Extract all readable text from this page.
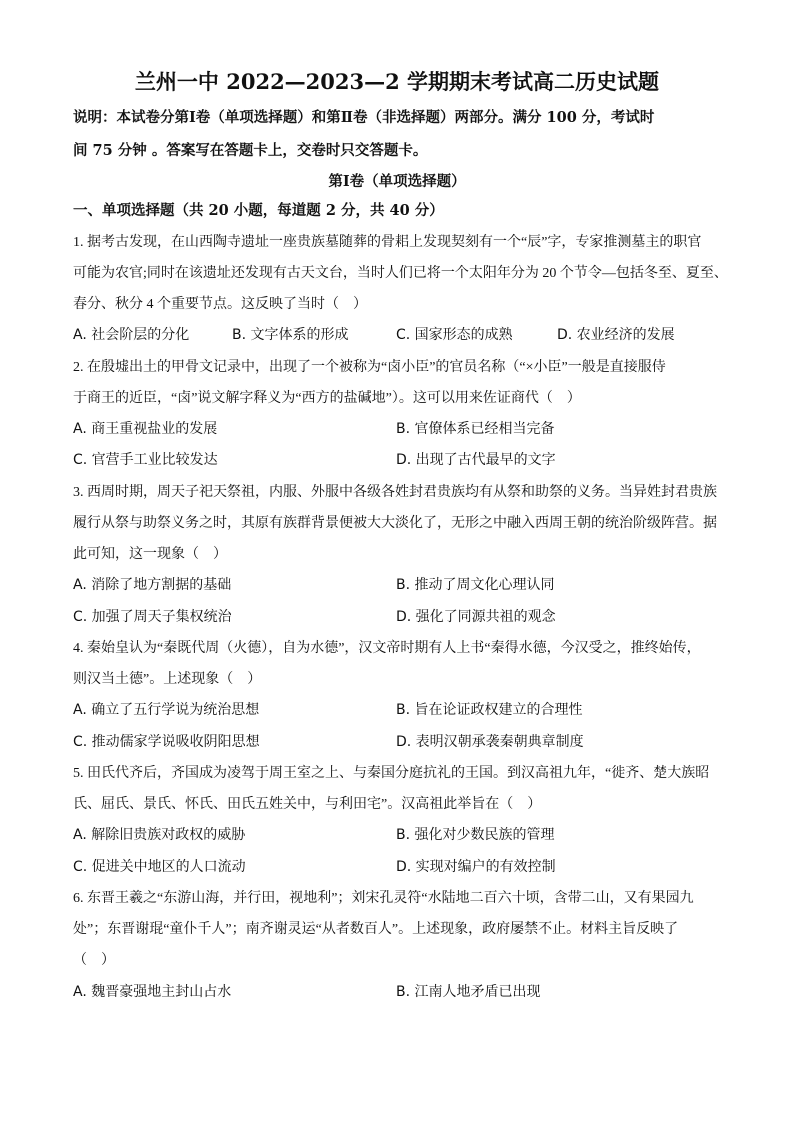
兰州一中 2022—2023—2 学期期末考试高二历史试题
说明：本试卷分第Ⅰ卷（单项选择题）和第Ⅱ卷（非选择题）两部分。满分 100 分，考试时
间 75 分钟 。答案写在答题卡上，交卷时只交答题卡。
第Ⅰ卷（单项选择题）
一、单项选择题（共 20 小题，每道题 2 分，共 40 分）
1. 据考古发现，在山西陶寺遗址一座贵族墓随葬的骨耜上发现契刻有一个“辰”字，专家推测墓主的职官
可能为农官;同时在该遗址还发现有古天文台，当时人们已将一个太阳年分为 20 个节令—包括冬至、夏至、
春分、秋分 4 个重要节点。这反映了当时（　）
A. 社会阶层的分化	B. 文字体系的形成	C. 国家形态的成熟	D. 农业经济的发展
2. 在殷墟出土的甲骨文记录中，出现了一个被称为“卤小臣”的官员名称（“×小臣”一般是直接服侍
于商王的近臣，“卤”说文解字释义为“西方的盐碱地”）。这可以用来佐证商代（　）
A. 商王重视盐业的发展	B. 官僚体系已经相当完备
C. 官营手工业比较发达	D. 出现了古代最早的文字
3. 西周时期，周天子祀天祭祖，内服、外服中各级各姓封君贵族均有从祭和助祭的义务。当异姓封君贵族
履行从祭与助祭义务之时，其原有族群背景便被大大淡化了，无形之中融入西周王朝的统治阶级阵营。据
此可知，这一现象（　）
A. 消除了地方割据的基础	B. 推动了周文化心理认同
C. 加强了周天子集权统治	D. 强化了同源共祖的观念
4. 秦始皇认为“秦既代周（火德），自为水德”，汉文帝时期有人上书“秦得水德，今汉受之，推终始传，
则汉当土德”。上述现象（　）
A. 确立了五行学说为统治思想	B. 旨在论证政权建立的合理性
C. 推动儒家学说吸收阴阳思想	D. 表明汉朝承袭秦朝典章制度
5. 田氏代齐后，齐国成为凌驾于周王室之上、与秦国分庭抗礼的王国。到汉高祖九年，“徙齐、楚大族昭
氏、屈氏、景氏、怀氏、田氏五姓关中，与利田宅”。汉高祖此举旨在（　）
A. 解除旧贵族对政权的威胁	B. 强化对少数民族的管理
C. 促进关中地区的人口流动	D. 实现对编户的有效控制
6. 东晋王羲之“东游山海，并行田，视地利”；刘宋孔灵符“水陆地二百六十顷，含带二山，又有果园九
处”；东晋谢琨“童仆千人”；南齐谢灵运“从者数百人”。上述现象，政府屡禁不止。材料主旨反映了
（　）
A. 魏晋豪强地主封山占水	B. 江南人地矛盾已出现
